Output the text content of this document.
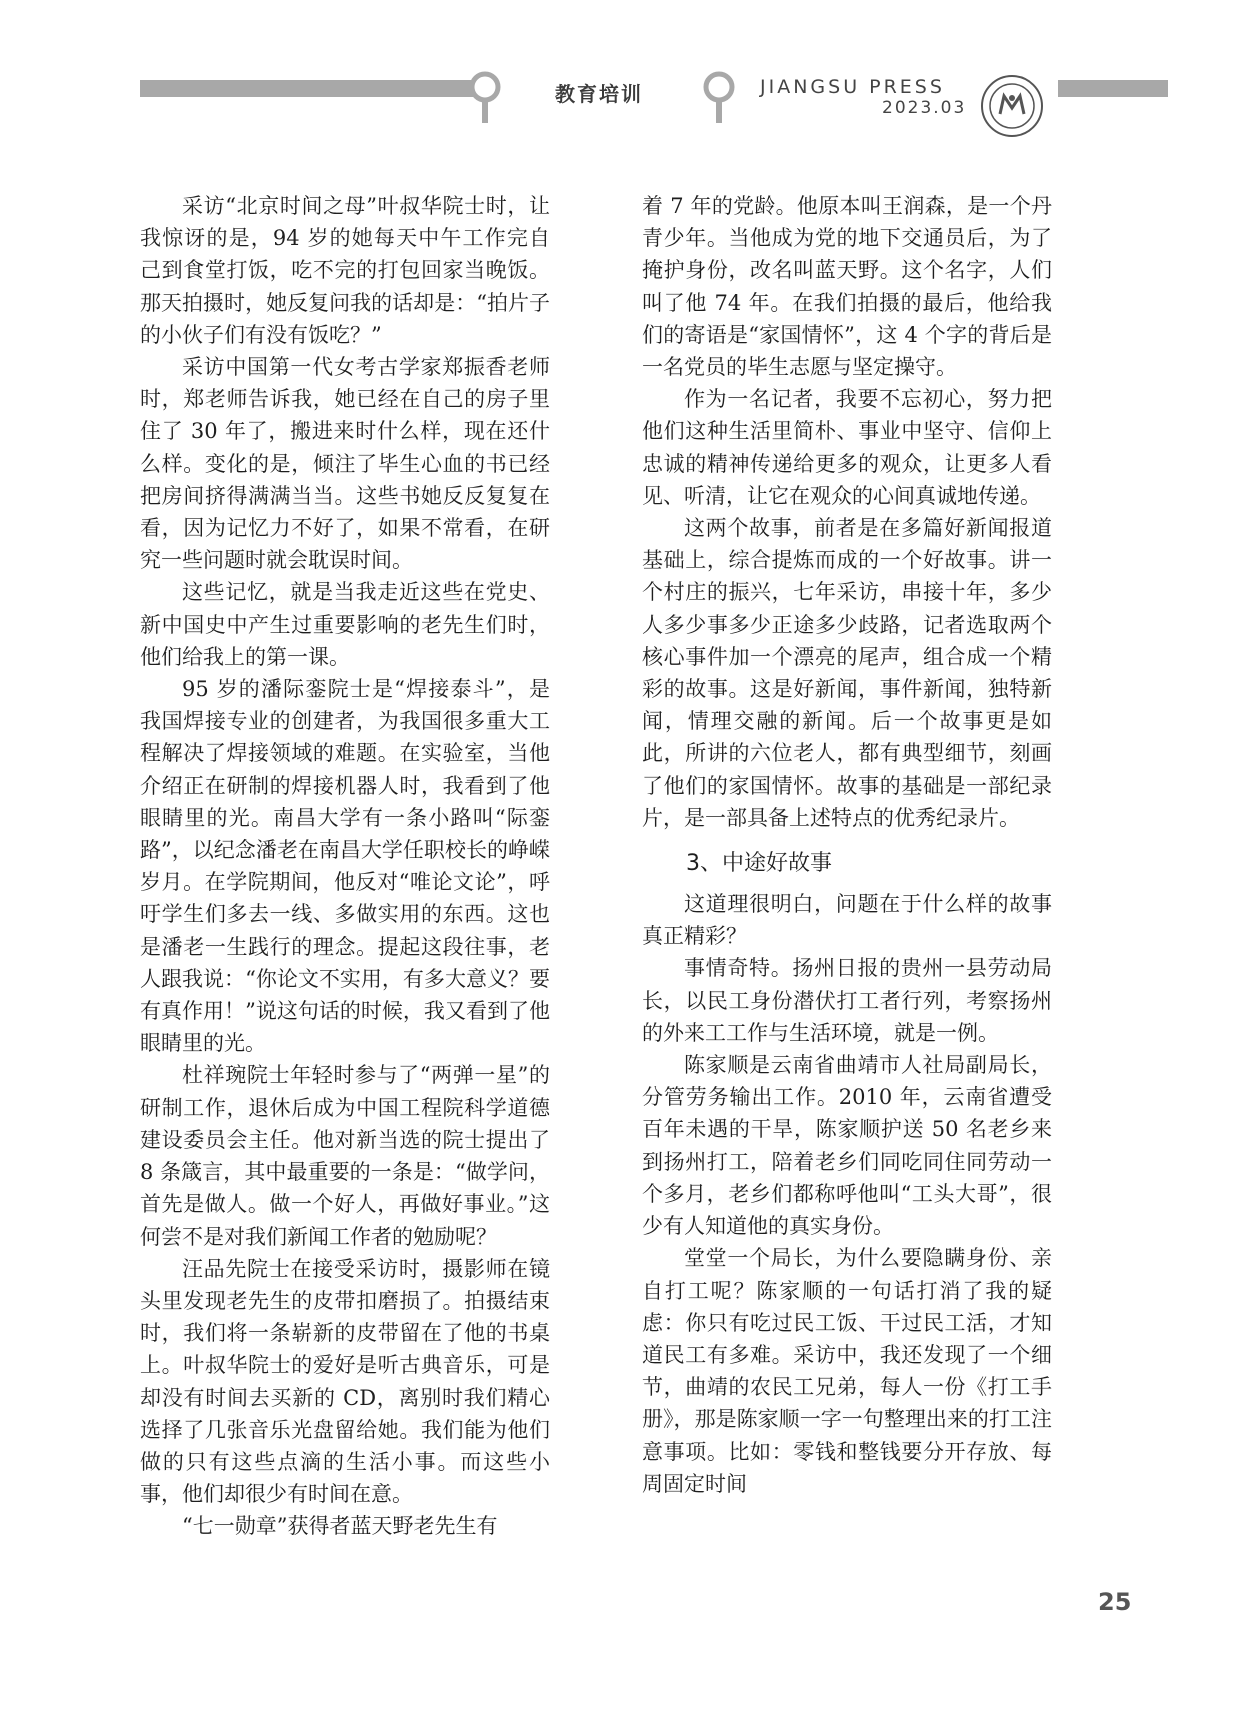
教育培训	JIANGSU PRESS
2023.03

采访“北京时间之母”叶叔华院士时，让我惊讶的是，94 岁的她每天中午工作完自己到食堂打饭，吃不完的打包回家当晚饭。那天拍摄时，她反复问我的话却是：“拍片子的小伙子们有没有饭吃？”

采访中国第一代女考古学家郑振香老师时，郑老师告诉我，她已经在自己的房子里住了 30 年了，搬进来时什么样，现在还什么样。变化的是，倾注了毕生心血的书已经把房间挤得满满当当。这些书她反反复复在看，因为记忆力不好了，如果不常看，在研究一些问题时就会耽误时间。

这些记忆，就是当我走近这些在党史、新中国史中产生过重要影响的老先生们时，他们给我上的第一课。

95 岁的潘际銮院士是“焊接泰斗”，是我国焊接专业的创建者，为我国很多重大工程解决了焊接领域的难题。在实验室，当他介绍正在研制的焊接机器人时，我看到了他眼睛里的光。南昌大学有一条小路叫“际銮路”，以纪念潘老在南昌大学任职校长的峥嵘岁月。在学院期间，他反对“唯论文论”，呼吁学生们多去一线、多做实用的东西。这也是潘老一生践行的理念。提起这段往事，老人跟我说：“你论文不实用，有多大意义？要有真作用！”说这句话的时候，我又看到了他眼睛里的光。

杜祥琬院士年轻时参与了“两弹一星”的研制工作，退休后成为中国工程院科学道德建设委员会主任。他对新当选的院士提出了 8 条箴言，其中最重要的一条是：“做学问，首先是做人。做一个好人，再做好事业。”这何尝不是对我们新闻工作者的勉励呢？

汪品先院士在接受采访时，摄影师在镜头里发现老先生的皮带扣磨损了。拍摄结束时，我们将一条崭新的皮带留在了他的书桌上。叶叔华院士的爱好是听古典音乐，可是却没有时间去买新的 CD，离别时我们精心选择了几张音乐光盘留给她。我们能为他们做的只有这些点滴的生活小事。而这些小事，他们却很少有时间在意。

“七一勋章”获得者蓝天野老先生有

着 7 年的党龄。他原本叫王润森，是一个丹青少年。当他成为党的地下交通员后，为了掩护身份，改名叫蓝天野。这个名字，人们叫了他 74 年。在我们拍摄的最后，他给我们的寄语是“家国情怀”，这 4 个字的背后是一名党员的毕生志愿与坚定操守。

作为一名记者，我要不忘初心，努力把他们这种生活里简朴、事业中坚守、信仰上忠诚的精神传递给更多的观众，让更多人看见、听清，让它在观众的心间真诚地传递。

这两个故事，前者是在多篇好新闻报道基础上，综合提炼而成的一个好故事。讲一个村庄的振兴，七年采访，串接十年，多少人多少事多少正途多少歧路，记者选取两个核心事件加一个漂亮的尾声，组合成一个精彩的故事。这是好新闻，事件新闻，独特新闻，情理交融的新闻。后一个故事更是如此，所讲的六位老人，都有典型细节，刻画了他们的家国情怀。故事的基础是一部纪录片，是一部具备上述特点的优秀纪录片。

3、中途好故事

这道理很明白，问题在于什么样的故事真正精彩？

事情奇特。扬州日报的贵州一县劳动局长，以民工身份潜伏打工者行列，考察扬州的外来工工作与生活环境，就是一例。

陈家顺是云南省曲靖市人社局副局长，分管劳务输出工作。2010 年，云南省遭受百年未遇的干旱，陈家顺护送 50 名老乡来到扬州打工，陪着老乡们同吃同住同劳动一个多月，老乡们都称呼他叫“工头大哥”，很少有人知道他的真实身份。

堂堂一个局长，为什么要隐瞒身份、亲自打工呢？陈家顺的一句话打消了我的疑虑：你只有吃过民工饭、干过民工活，才知道民工有多难。采访中，我还发现了一个细节，曲靖的农民工兄弟，每人一份《打工手册》，那是陈家顺一字一句整理出来的打工注意事项。比如：零钱和整钱要分开存放、每周固定时间

25
